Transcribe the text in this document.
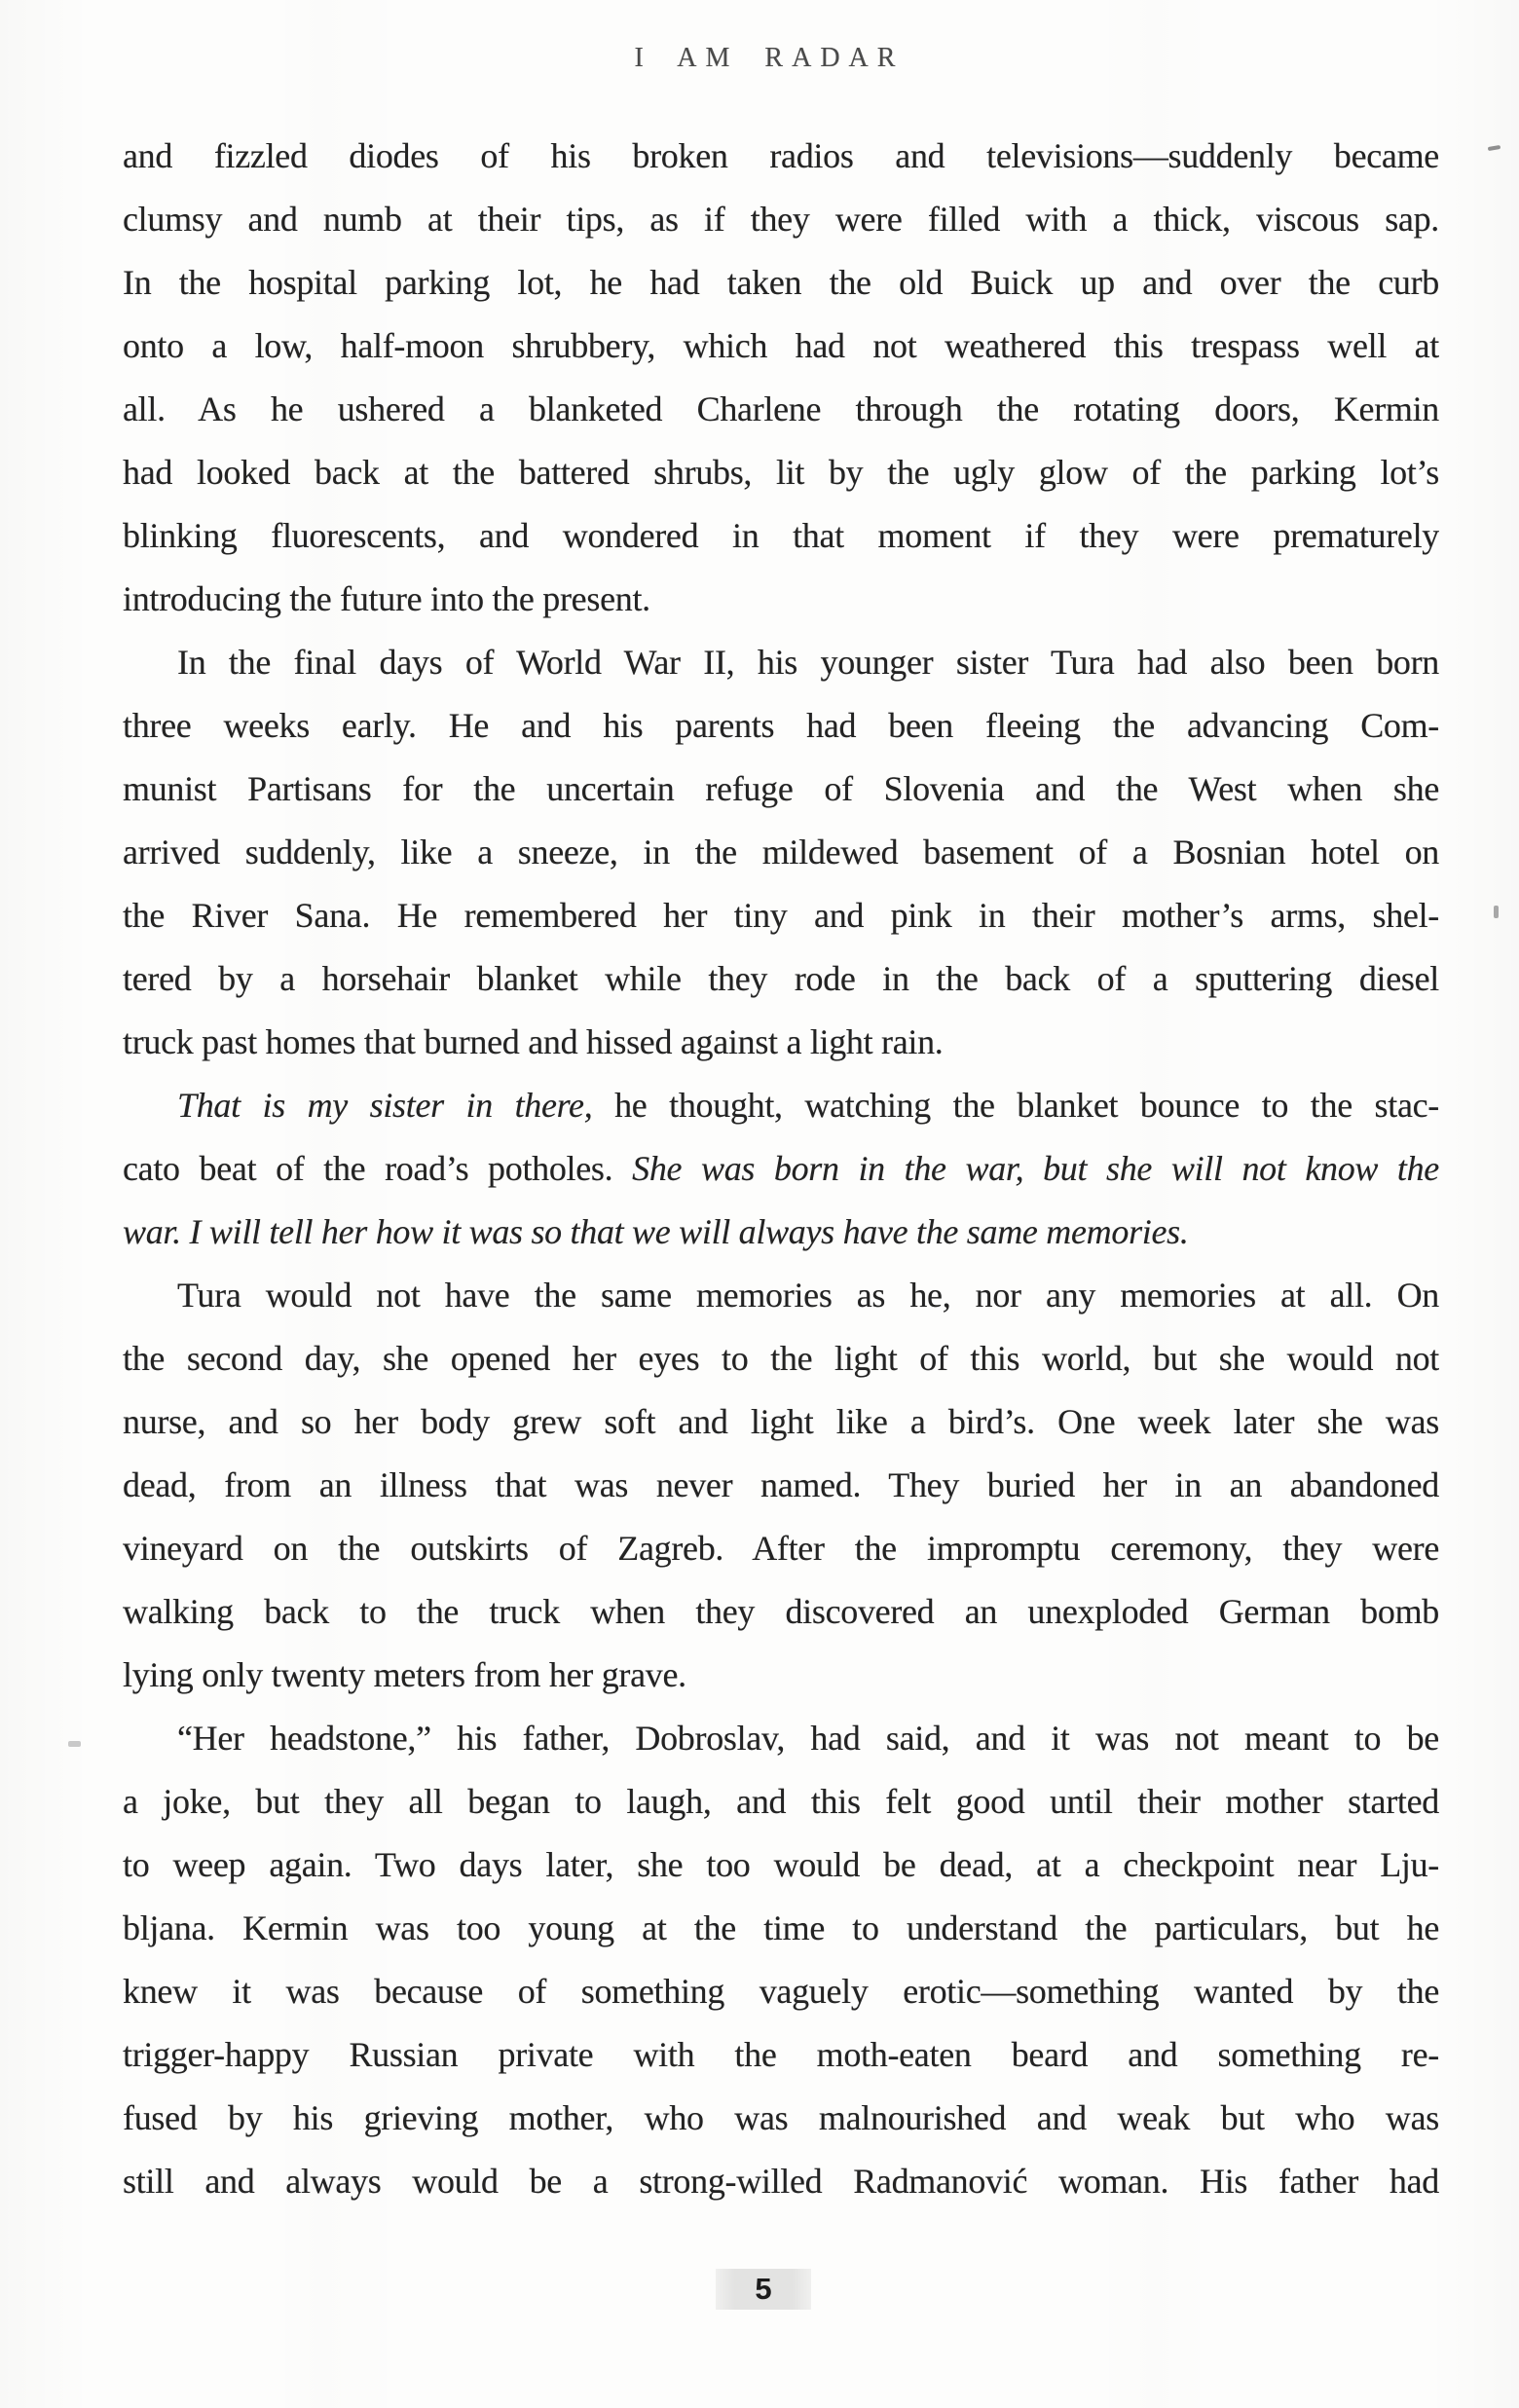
I AM RADAR
and fizzled diodes of his broken radios and televisions—suddenly became
clumsy and numb at their tips, as if they were filled with a thick, viscous sap.
In the hospital parking lot, he had taken the old Buick up and over the curb
onto a low, half-moon shrubbery, which had not weathered this trespass well at
all. As he ushered a blanketed Charlene through the rotating doors, Kermin
had looked back at the battered shrubs, lit by the ugly glow of the parking lot’s
blinking fluorescents, and wondered in that moment if they were prematurely
introducing the future into the present.
In the final days of World War II, his younger sister Tura had also been born
three weeks early. He and his parents had been fleeing the advancing Com-
munist Partisans for the uncertain refuge of Slovenia and the West when she
arrived suddenly, like a sneeze, in the mildewed basement of a Bosnian hotel on
the River Sana. He remembered her tiny and pink in their mother’s arms, shel-
tered by a horsehair blanket while they rode in the back of a sputtering diesel
truck past homes that burned and hissed against a light rain.
That is my sister in there, he thought, watching the blanket bounce to the stac-
cato beat of the road’s potholes. She was born in the war, but she will not know the
war. I will tell her how it was so that we will always have the same memories.
Tura would not have the same memories as he, nor any memories at all. On
the second day, she opened her eyes to the light of this world, but she would not
nurse, and so her body grew soft and light like a bird’s. One week later she was
dead, from an illness that was never named. They buried her in an abandoned
vineyard on the outskirts of Zagreb. After the impromptu ceremony, they were
walking back to the truck when they discovered an unexploded German bomb
lying only twenty meters from her grave.
“Her headstone,” his father, Dobroslav, had said, and it was not meant to be
a joke, but they all began to laugh, and this felt good until their mother started
to weep again. Two days later, she too would be dead, at a checkpoint near Lju-
bljana. Kermin was too young at the time to understand the particulars, but he
knew it was because of something vaguely erotic—something wanted by the
trigger-happy Russian private with the moth-eaten beard and something re-
fused by his grieving mother, who was malnourished and weak but who was
still and always would be a strong-willed Radmanović woman. His father had
5
